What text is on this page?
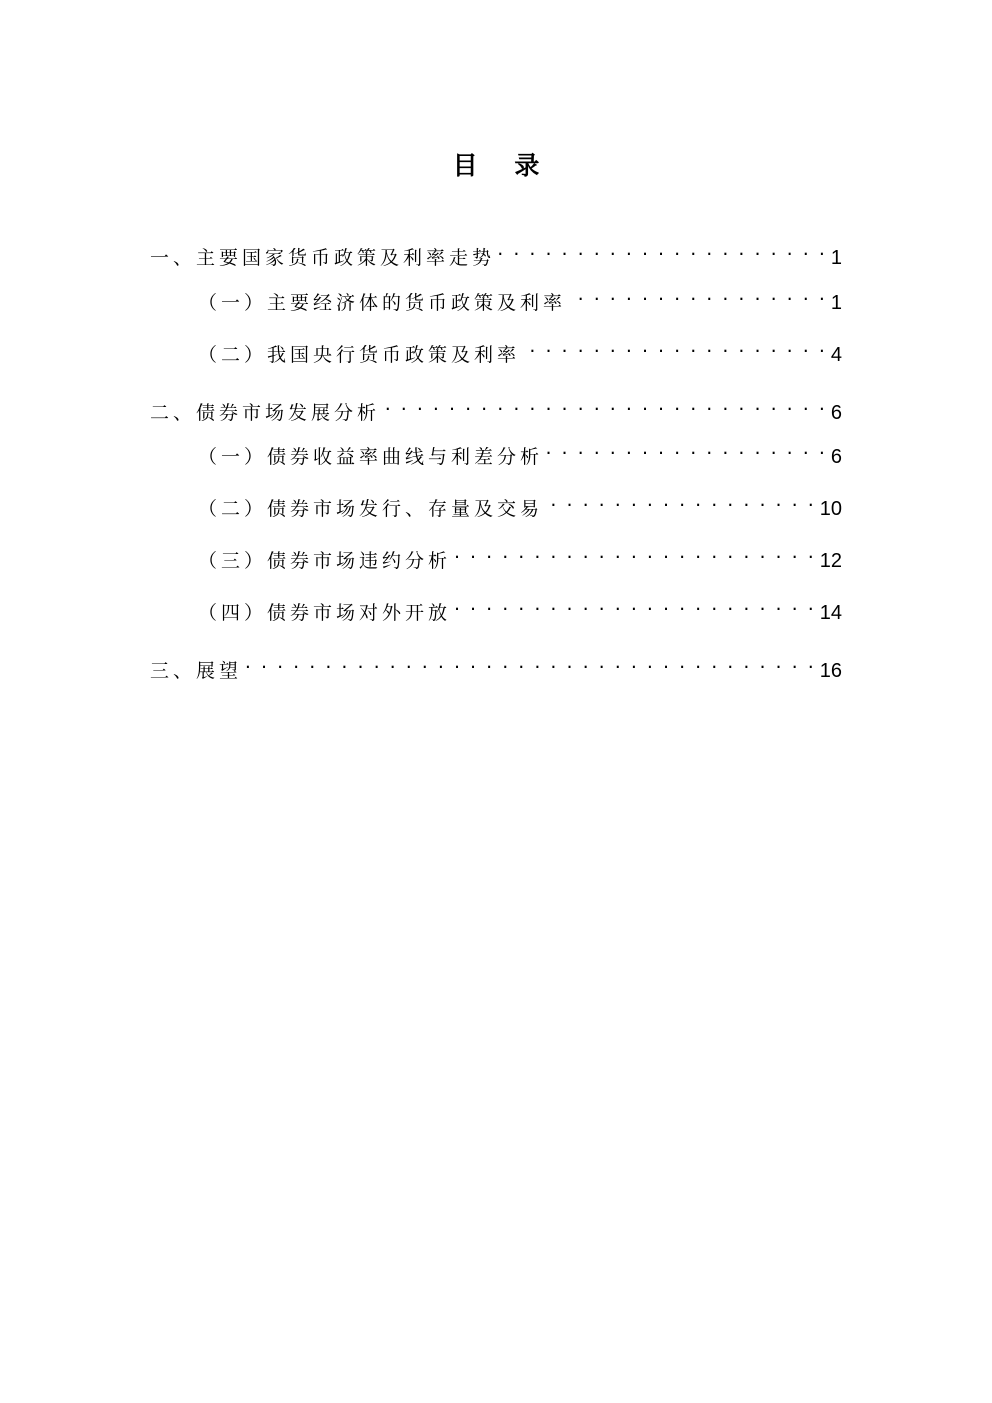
目 录
一、主要国家货币政策及利率走势 . . .	1
（一）主要经济体的货币政策及利率 . . .	1
（二）我国央行货币政策及利率 . . .	4
二、债券市场发展分析 . . .	6
（一）债券收益率曲线与利差分析 . . .	6
（二）债券市场发行、存量及交易 . . .	10
（三）债券市场违约分析 . . .	12
（四）债券市场对外开放 . . .	14
三、展望 . . .	16
